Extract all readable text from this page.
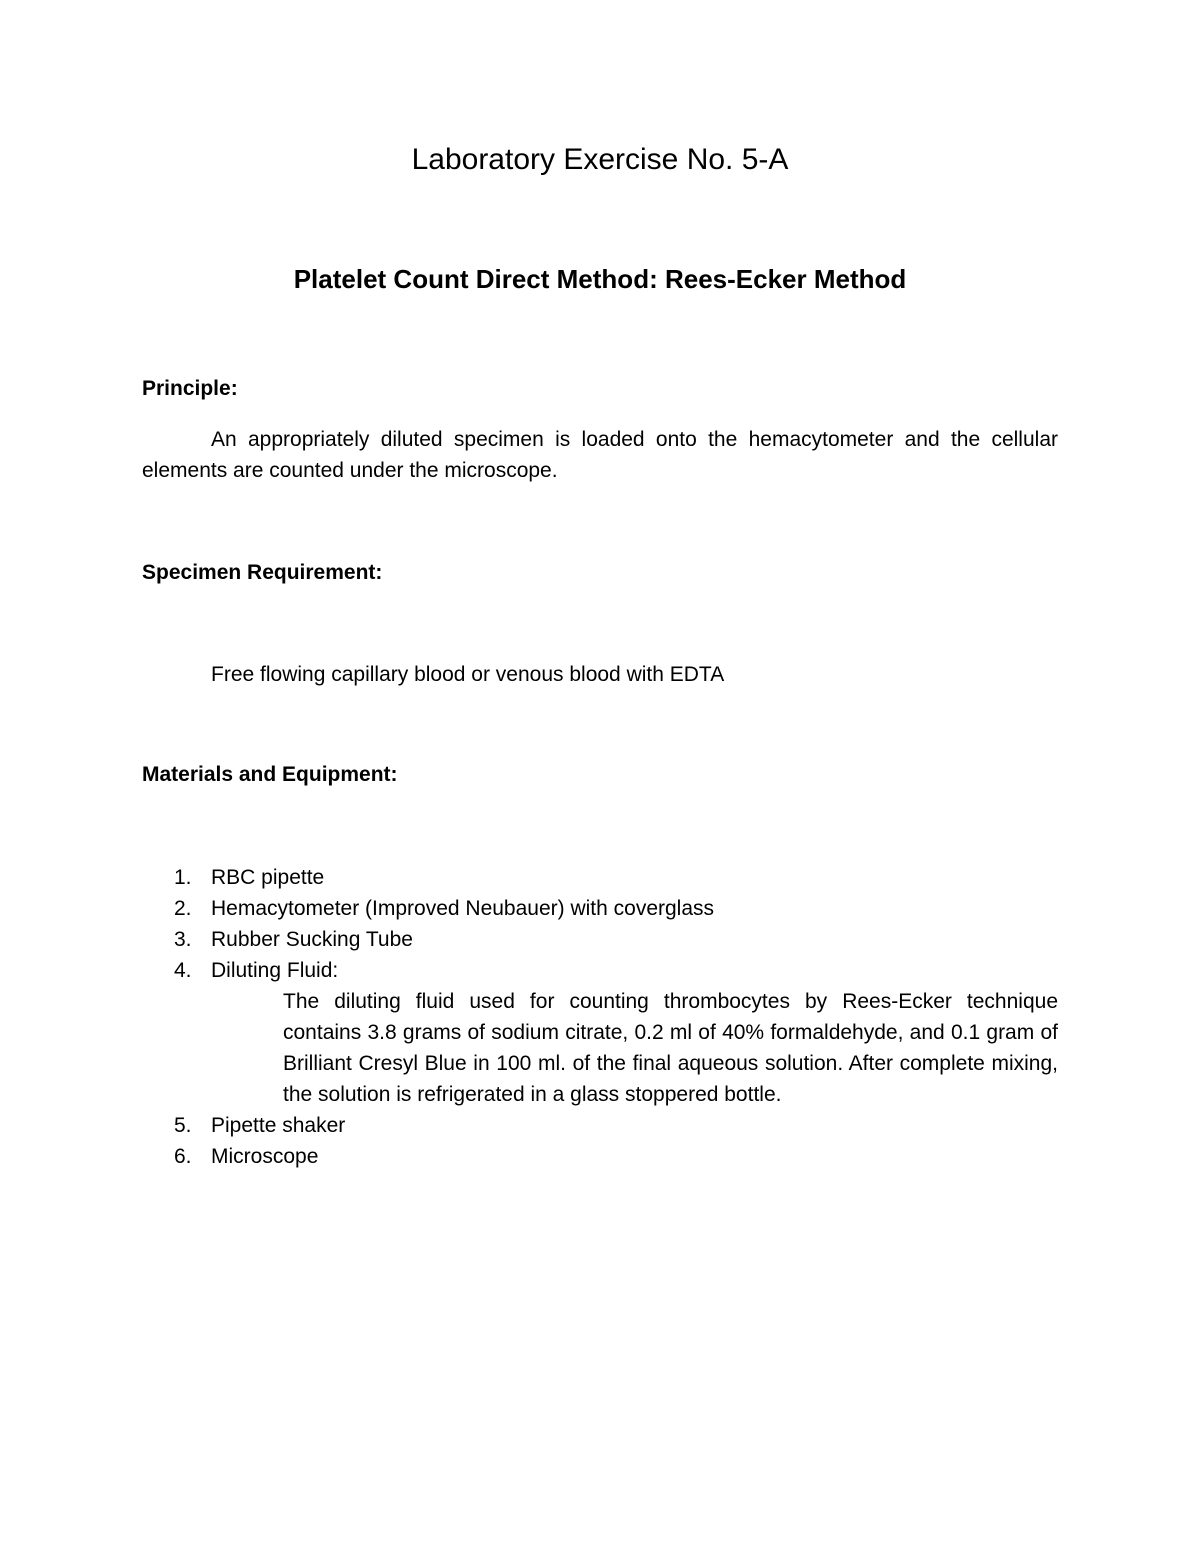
Laboratory Exercise No. 5-A
Platelet Count Direct Method: Rees-Ecker Method

Principle:

An appropriately diluted specimen is loaded onto the hemacytometer and the cellular elements are counted under the microscope.

Specimen Requirement:

Free flowing capillary blood or venous blood with EDTA

Materials and Equipment:

1. RBC pipette
2. Hemacytometer (Improved Neubauer) with coverglass
3. Rubber Sucking Tube
4. Diluting Fluid:
The diluting fluid used for counting thrombocytes by Rees-Ecker technique contains 3.8 grams of sodium citrate, 0.2 ml of 40% formaldehyde, and 0.1 gram of Brilliant Cresyl Blue in 100 ml. of the final aqueous solution. After complete mixing, the solution is refrigerated in a glass stoppered bottle.
5. Pipette shaker
6. Microscope
